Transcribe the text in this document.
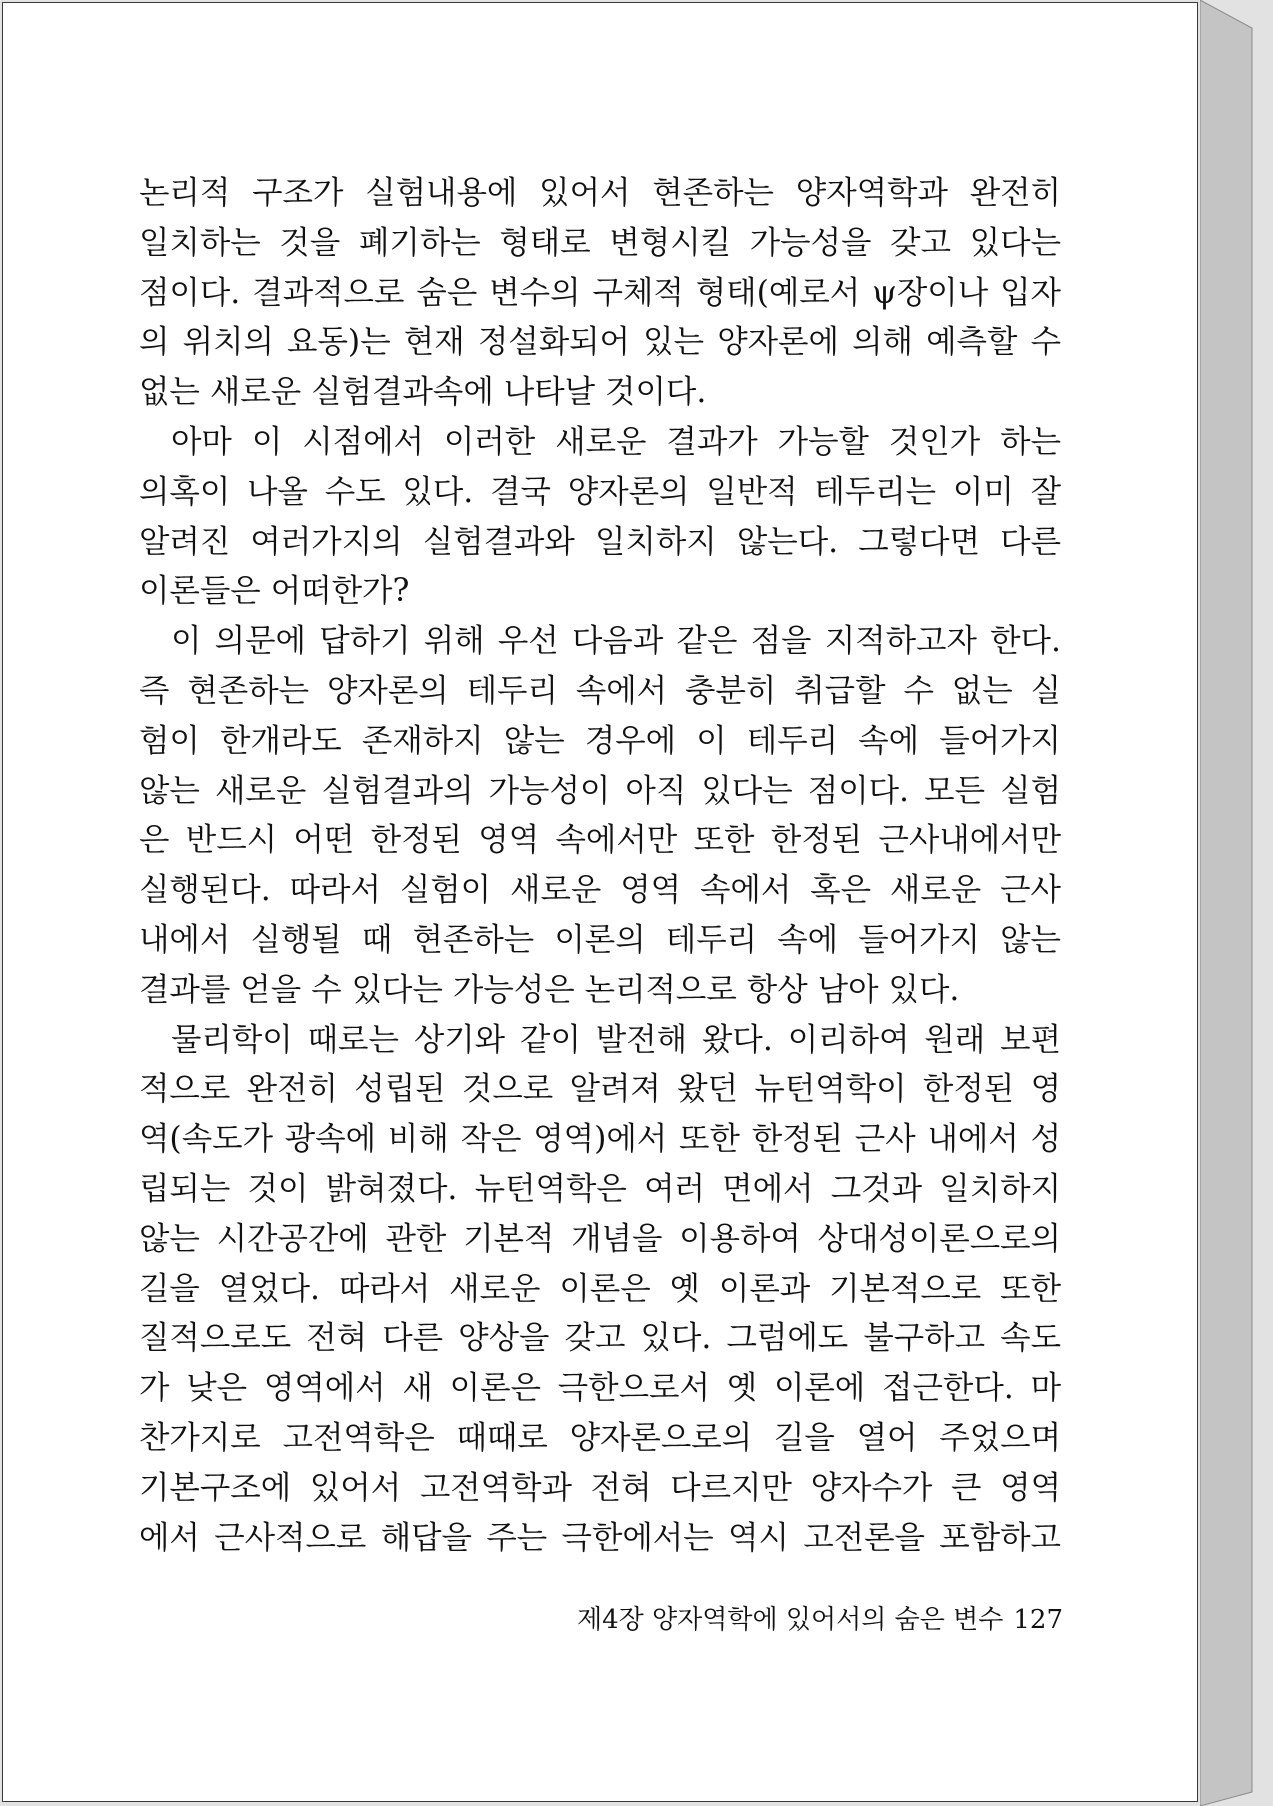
논리적 구조가 실험내용에 있어서 현존하는 양자역학과 완전히
일치하는 것을 폐기하는 형태로 변형시킬 가능성을 갖고 있다는
점이다. 결과적으로 숨은 변수의 구체적 형태(예로서 ψ장이나 입자
의 위치의 요동)는 현재 정설화되어 있는 양자론에 의해 예측할 수
없는 새로운 실험결과속에 나타날 것이다.
아마 이 시점에서 이러한 새로운 결과가 가능할 것인가 하는
의혹이 나올 수도 있다. 결국 양자론의 일반적 테두리는 이미 잘
알려진 여러가지의 실험결과와 일치하지 않는다. 그렇다면 다른
이론들은 어떠한가?
이 의문에 답하기 위해 우선 다음과 같은 점을 지적하고자 한다.
즉 현존하는 양자론의 테두리 속에서 충분히 취급할 수 없는 실
험이 한개라도 존재하지 않는 경우에 이 테두리 속에 들어가지
않는 새로운 실험결과의 가능성이 아직 있다는 점이다. 모든 실험
은 반드시 어떤 한정된 영역 속에서만 또한 한정된 근사내에서만
실행된다. 따라서 실험이 새로운 영역 속에서 혹은 새로운 근사
내에서 실행될 때 현존하는 이론의 테두리 속에 들어가지 않는
결과를 얻을 수 있다는 가능성은 논리적으로 항상 남아 있다.
물리학이 때로는 상기와 같이 발전해 왔다. 이리하여 원래 보편
적으로 완전히 성립된 것으로 알려져 왔던 뉴턴역학이 한정된 영
역(속도가 광속에 비해 작은 영역)에서 또한 한정된 근사 내에서 성
립되는 것이 밝혀졌다. 뉴턴역학은 여러 면에서 그것과 일치하지
않는 시간공간에 관한 기본적 개념을 이용하여 상대성이론으로의
길을 열었다. 따라서 새로운 이론은 옛 이론과 기본적으로 또한
질적으로도 전혀 다른 양상을 갖고 있다. 그럼에도 불구하고 속도
가 낮은 영역에서 새 이론은 극한으로서 옛 이론에 접근한다. 마
찬가지로 고전역학은 때때로 양자론으로의 길을 열어 주었으며
기본구조에 있어서 고전역학과 전혀 다르지만 양자수가 큰 영역
에서 근사적으로 해답을 주는 극한에서는 역시 고전론을 포함하고
제4장 양자역학에 있어서의 숨은 변수 127
